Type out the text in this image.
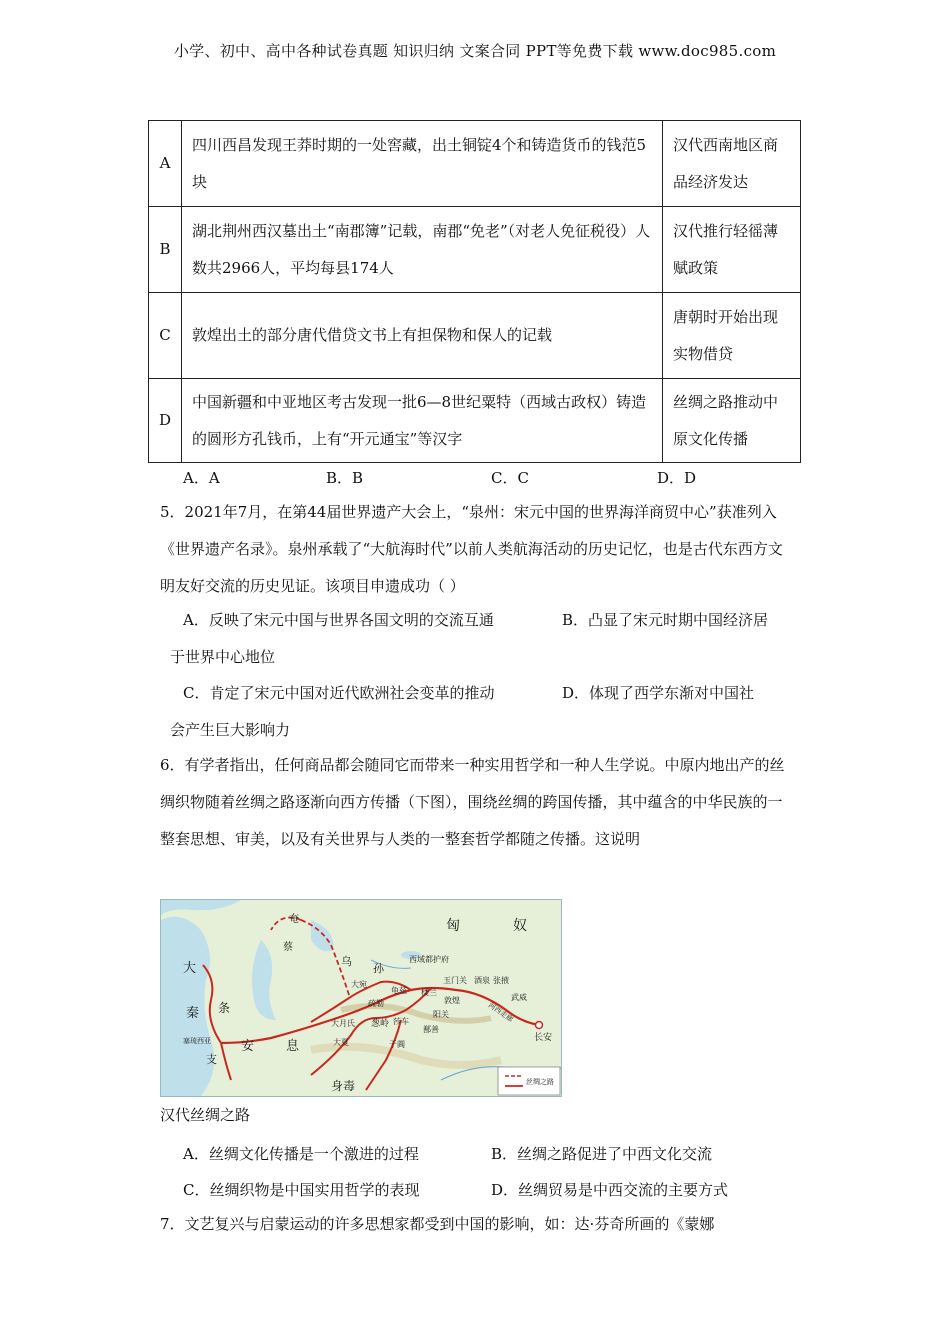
小学、初中、高中各种试卷真题 知识归纳 文案合同 PPT等免费下载 www.doc985.com
A	四川西昌发现王莽时期的一处窖藏，出土铜锭4个和铸造货币的钱范5块	汉代西南地区商品经济发达
B	湖北荆州西汉墓出土“南郡簿”记载，南郡“免老”（对老人免征税役）人数共2966人，平均每县174人	汉代推行轻徭薄赋政策
C	敦煌出土的部分唐代借贷文书上有担保物和保人的记载	唐朝时开始出现实物借贷
D	中国新疆和中亚地区考古发现一批6—8世纪粟特（西域古政权）铸造的圆形方孔钱币，上有“开元通宝”等汉字	丝绸之路推动中原文化传播
A．A	B．B	C．C	D．D
5．2021年7月，在第44届世界遗产大会上，“泉州：宋元中国的世界海洋商贸中心”获准列入《世界遗产名录》。泉州承载了“大航海时代”以前人类航海活动的历史记忆，也是古代东西方文明友好交流的历史见证。该项目申遗成功（ ）
A．反映了宋元中国与世界各国文明的交流互通	B．凸显了宋元时期中国经济居
于世界中心地位
C．肯定了宋元中国对近代欧洲社会变革的推动	D．体现了西学东渐对中国社
会产生巨大影响力
6．有学者指出，任何商品都会随同它而带来一种实用哲学和一种人生学说。中原内地出产的丝绸织物随着丝绸之路逐渐向西方传播（下图），围绕丝绸的跨国传播，其中蕴含的中华民族的一整套思想、审美，以及有关世界与人类的一整套哲学都随之传播。这说明
奄
蔡
匈	奴
乌
孙
西域都护府
大宛
龟兹 楼兰
玉门关 酒泉 张掖
武威
疏勒	敦煌
河西走廊
莎车
阳关
鄯善
大月氏 葱岭
大夏	于阗
长安
大
秦 条
安 息
支
塞琉西亚
身毒	丝绸之路
汉代丝绸之路
A．丝绸文化传播是一个激进的过程	B．丝绸之路促进了中西文化交流
C．丝绸织物是中国实用哲学的表现	D．丝绸贸易是中西交流的主要方式
7．文艺复兴与启蒙运动的许多思想家都受到中国的影响，如：达·芬奇所画的《蒙娜
